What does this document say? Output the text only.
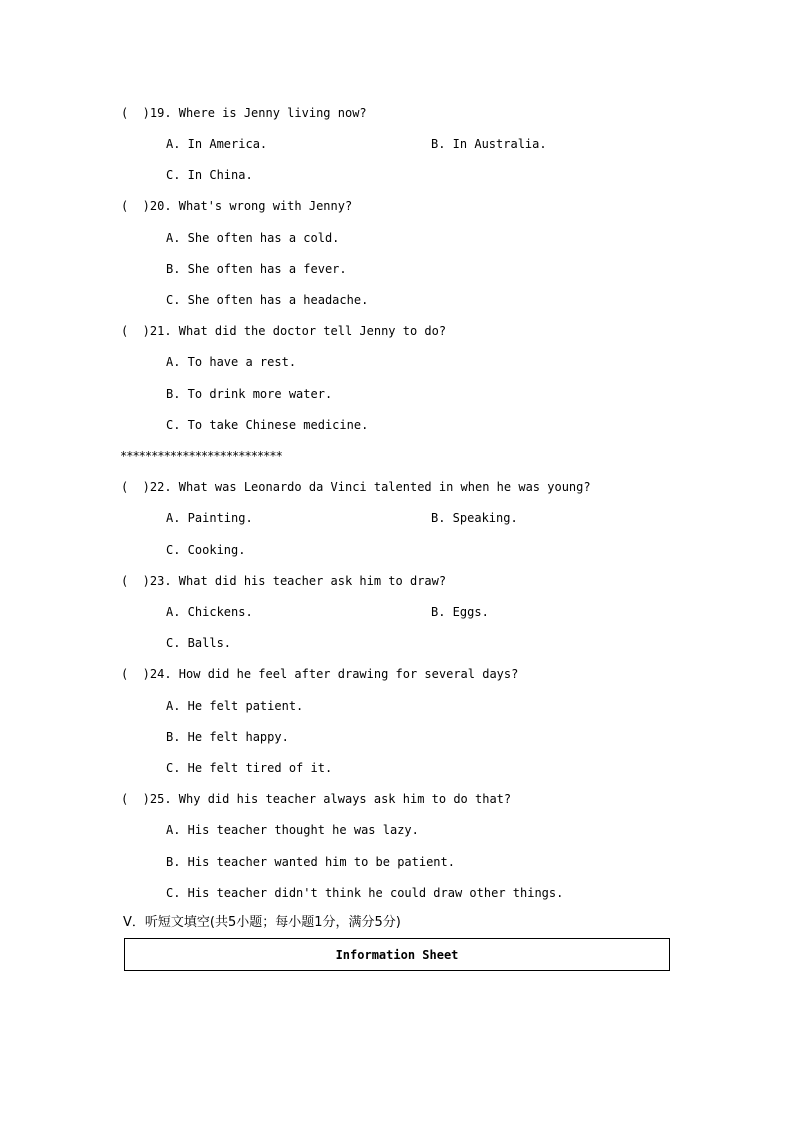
(  )19. Where is Jenny living now?
A. In America.	B. In Australia.
C. In China.
(  )20. What's wrong with Jenny?
A. She often has a cold.
B. She often has a fever.
C. She often has a headache.
(  )21. What did the doctor tell Jenny to do?
A. To have a rest.
B. To drink more water.
C. To take Chinese medicine.
**************************
(  )22. What was Leonardo da Vinci talented in when he was young?
A. Painting.	B. Speaking.
C. Cooking.
(  )23. What did his teacher ask him to draw?
A. Chickens.	B. Eggs.
C. Balls.
(  )24. How did he feel after drawing for several days?
A. He felt patient.
B. He felt happy.
C. He felt tired of it.
(  )25. Why did his teacher always ask him to do that?
A. His teacher thought he was lazy.
B. His teacher wanted him to be patient.
C. His teacher didn't think he could draw other things.
V．听短文填空(共5小题；每小题1分，满分5分)
Information Sheet
